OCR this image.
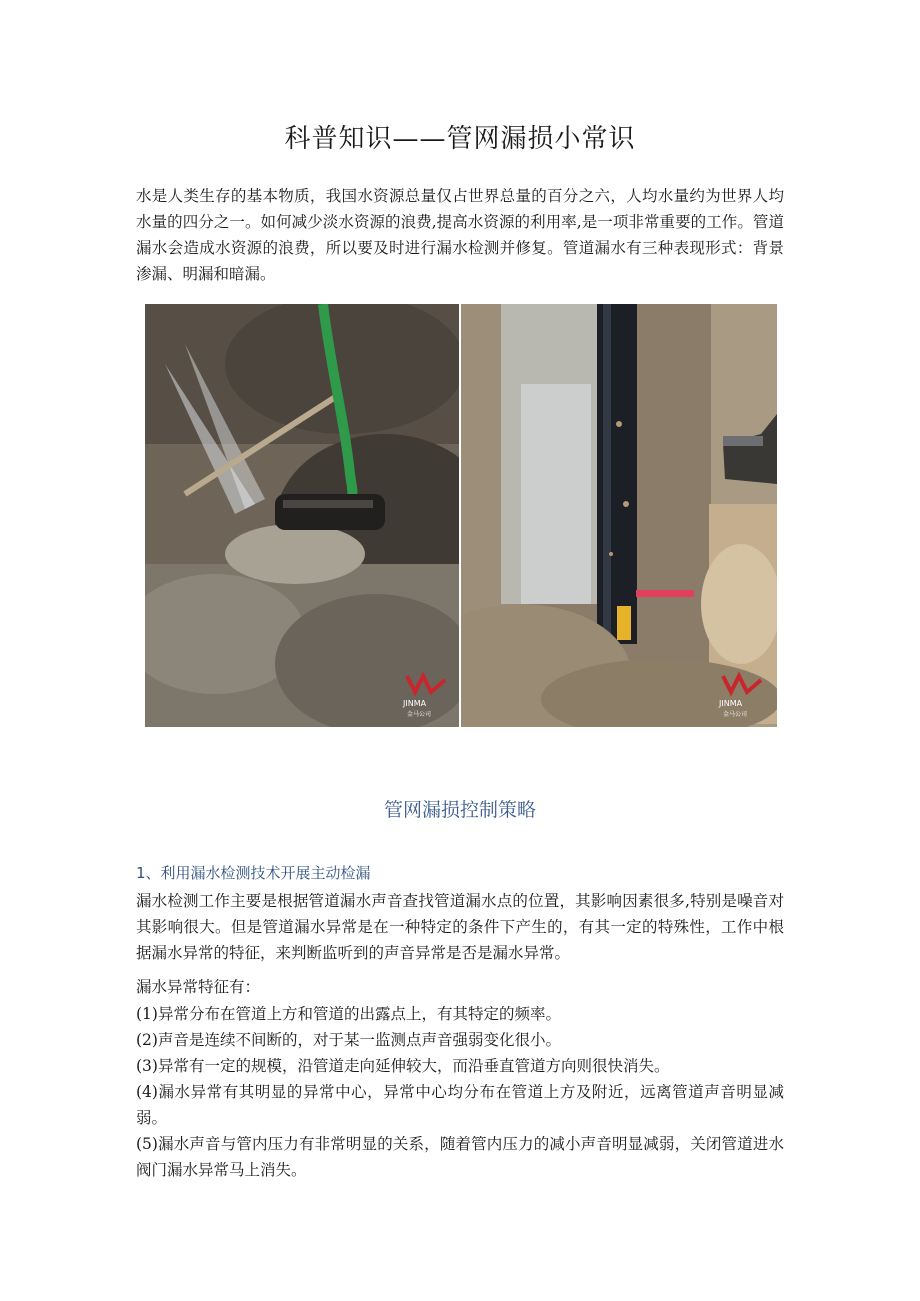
科普知识——管网漏损小常识

水是人类生存的基本物质，我国水资源总量仅占世界总量的百分之六，人均水量约为世界人均水量的四分之一。如何减少淡水资源的浪费,提高水资源的利用率,是一项非常重要的工作。管道漏水会造成水资源的浪费，所以要及时进行漏水检测并修复。管道漏水有三种表现形式：背景渗漏、明漏和暗漏。

JINMA
金马公司
JINMA
金马公司
管网漏损控制策略
1、利用漏水检测技术开展主动检漏

漏水检测工作主要是根据管道漏水声音查找管道漏水点的位置，其影响因素很多,特别是噪音对其影响很大。但是管道漏水异常是在一种特定的条件下产生的，有其一定的特殊性，工作中根据漏水异常的特征，来判断监听到的声音异常是否是漏水异常。

漏水异常特征有：

(1)异常分布在管道上方和管道的出露点上，有其特定的频率。
(2)声音是连续不间断的，对于某一监测点声音强弱变化很小。
(3)异常有一定的规模，沿管道走向延伸较大，而沿垂直管道方向则很快消失。
(4)漏水异常有其明显的异常中心，异常中心均分布在管道上方及附近，远离管道声音明显减弱。
(5)漏水声音与管内压力有非常明显的关系，随着管内压力的减小声音明显减弱，关闭管道进水阀门漏水异常马上消失。
